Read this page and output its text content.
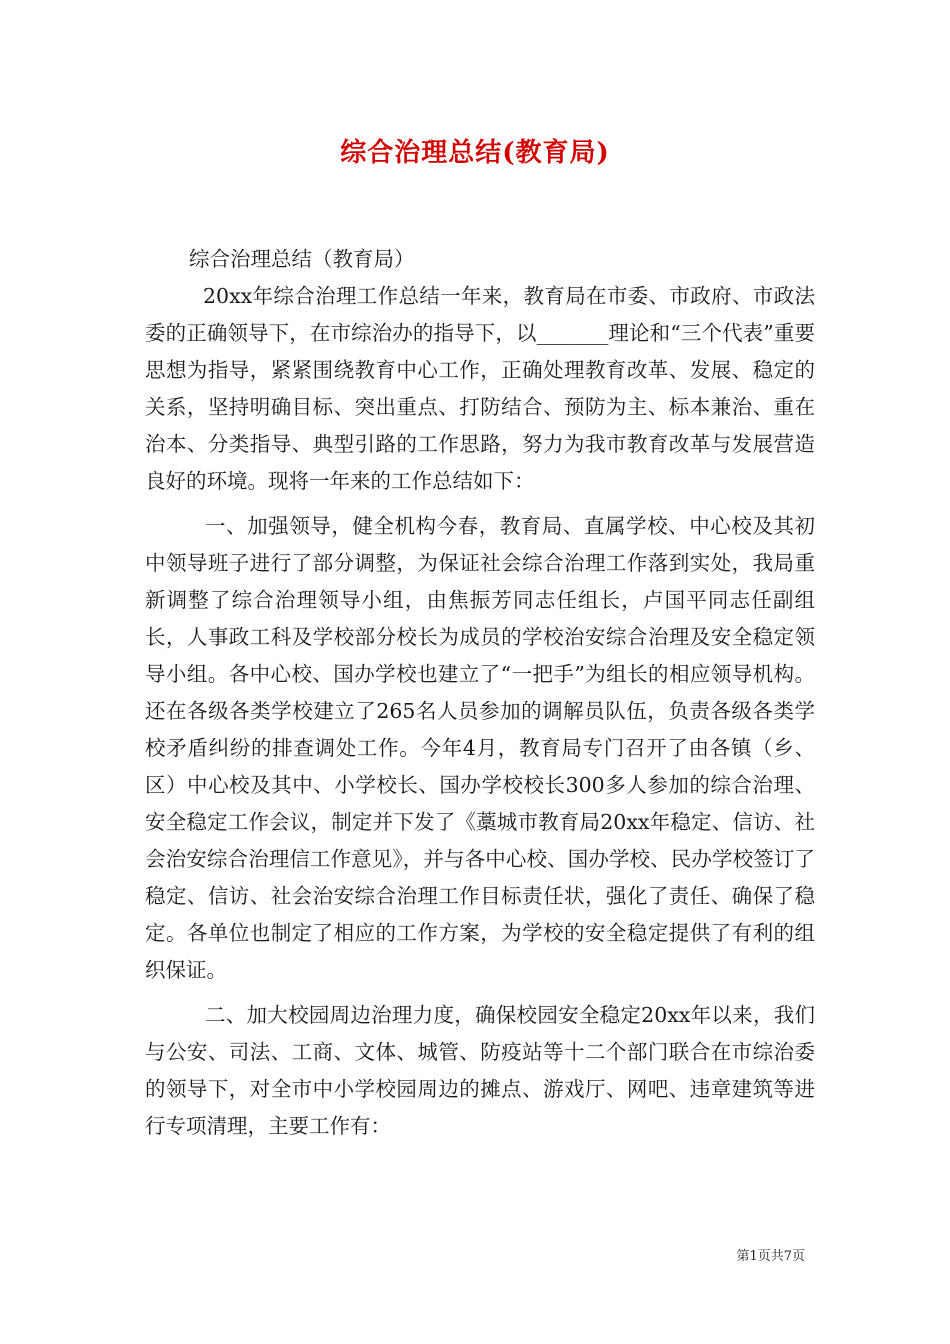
综合治理总结(教育局)

综合治理总结（教育局）

20xx年综合治理工作总结一年来，教育局在市委、市政府、市政法委的正确领导下，在市综治办的指导下，以_______理论和“三个代表”重要思想为指导，紧紧围绕教育中心工作，正确处理教育改革、发展、稳定的关系，坚持明确目标、突出重点、打防结合、预防为主、标本兼治、重在治本、分类指导、典型引路的工作思路，努力为我市教育改革与发展营造良好的环境。现将一年来的工作总结如下：

一、加强领导，健全机构今春，教育局、直属学校、中心校及其初中领导班子进行了部分调整，为保证社会综合治理工作落到实处，我局重新调整了综合治理领导小组，由焦振芳同志任组长，卢国平同志任副组长，人事政工科及学校部分校长为成员的学校治安综合治理及安全稳定领导小组。各中心校、国办学校也建立了“一把手”为组长的相应领导机构。还在各级各类学校建立了265名人员参加的调解员队伍，负责各级各类学校矛盾纠纷的排查调处工作。今年4月，教育局专门召开了由各镇（乡、区）中心校及其中、小学校长、国办学校校长300多人参加的综合治理、安全稳定工作会议，制定并下发了《藁城市教育局20xx年稳定、信访、社会治安综合治理信工作意见》，并与各中心校、国办学校、民办学校签订了稳定、信访、社会治安综合治理工作目标责任状，强化了责任、确保了稳定。各单位也制定了相应的工作方案，为学校的安全稳定提供了有利的组织保证。

二、加大校园周边治理力度，确保校园安全稳定20xx年以来，我们与公安、司法、工商、文体、城管、防疫站等十二个部门联合在市综治委的领导下，对全市中小学校园周边的摊点、游戏厅、网吧、违章建筑等进行专项清理，主要工作有：

第1页共7页
